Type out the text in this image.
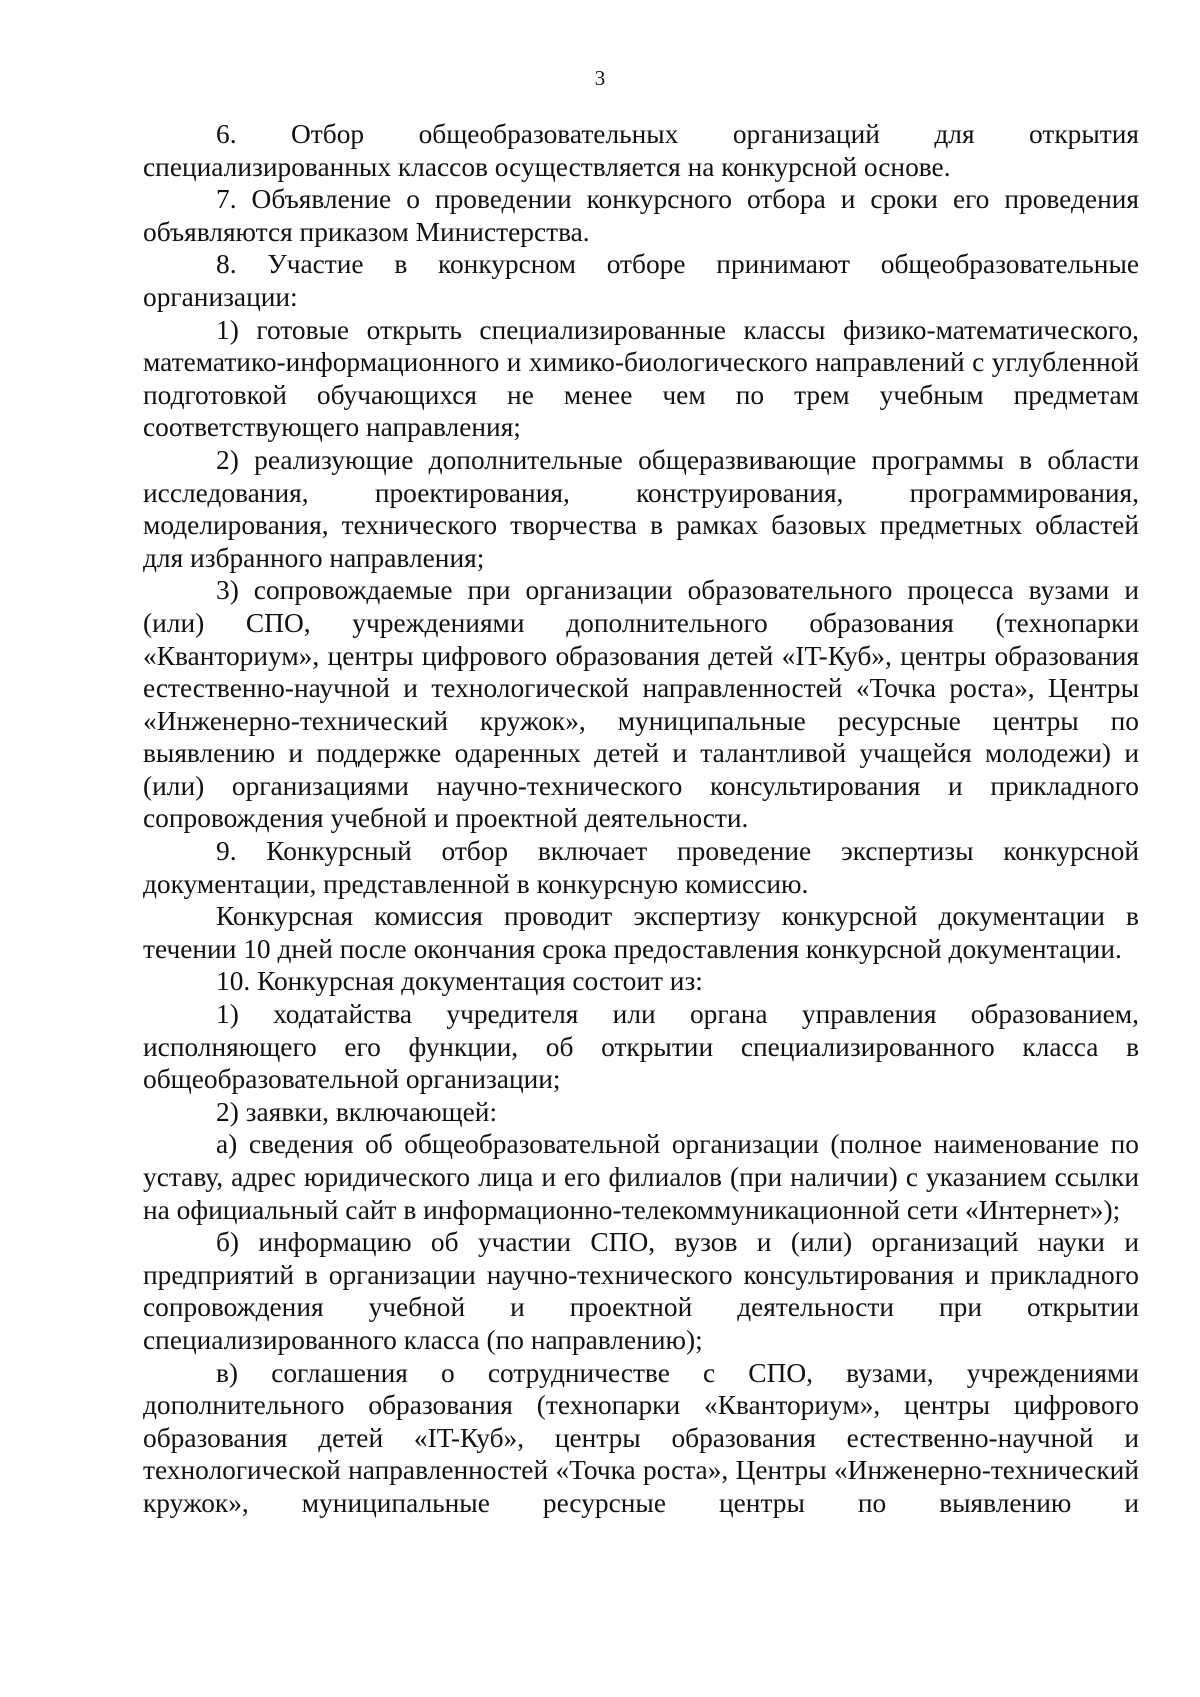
3

6. Отбор общеобразовательных организаций для открытия специализированных классов осуществляется на конкурсной основе.

7. Объявление о проведении конкурсного отбора и сроки его проведения объявляются приказом Министерства.

8. Участие в конкурсном отборе принимают общеобразовательные организации:

1) готовые открыть специализированные классы физико-математического, математико-информационного и химико-биологического направлений с углубленной подготовкой обучающихся не менее чем по трем учебным предметам соответствующего направления;

2) реализующие дополнительные общеразвивающие программы в области исследования, проектирования, конструирования, программирования, моделирования, технического творчества в рамках базовых предметных областей для избранного направления;

3) сопровождаемые при организации образовательного процесса вузами и (или) СПО, учреждениями дополнительного образования (технопарки «Кванториум», центры цифрового образования детей «IT-Куб», центры образования естественно-научной и технологической направленностей «Точка роста», Центры «Инженерно-технический кружок», муниципальные ресурсные центры по выявлению и поддержке одаренных детей и талантливой учащейся молодежи) и (или) организациями научно-технического консультирования и прикладного сопровождения учебной и проектной деятельности.

9. Конкурсный отбор включает проведение экспертизы конкурсной документации, представленной в конкурсную комиссию.

Конкурсная комиссия проводит экспертизу конкурсной документации в течении 10 дней после окончания срока предоставления конкурсной документации.

10. Конкурсная документация состоит из:

1) ходатайства учредителя или органа управления образованием, исполняющего его функции, об открытии специализированного класса в общеобразовательной организации;

2) заявки, включающей:

а) сведения об общеобразовательной организации (полное наименование по уставу, адрес юридического лица и его филиалов (при наличии) с указанием ссылки на официальный сайт в информационно-телекоммуникационной сети «Интернет»);

б) информацию об участии СПО, вузов и (или) организаций науки и предприятий в организации научно-технического консультирования и прикладного сопровождения учебной и проектной деятельности при открытии специализированного класса (по направлению);

в) соглашения о сотрудничестве с СПО, вузами, учреждениями дополнительного образования (технопарки «Кванториум», центры цифрового образования детей «IT-Куб», центры образования естественно-научной и технологической направленностей «Точка роста», Центры «Инженерно-технический кружок», муниципальные ресурсные центры по выявлению и
